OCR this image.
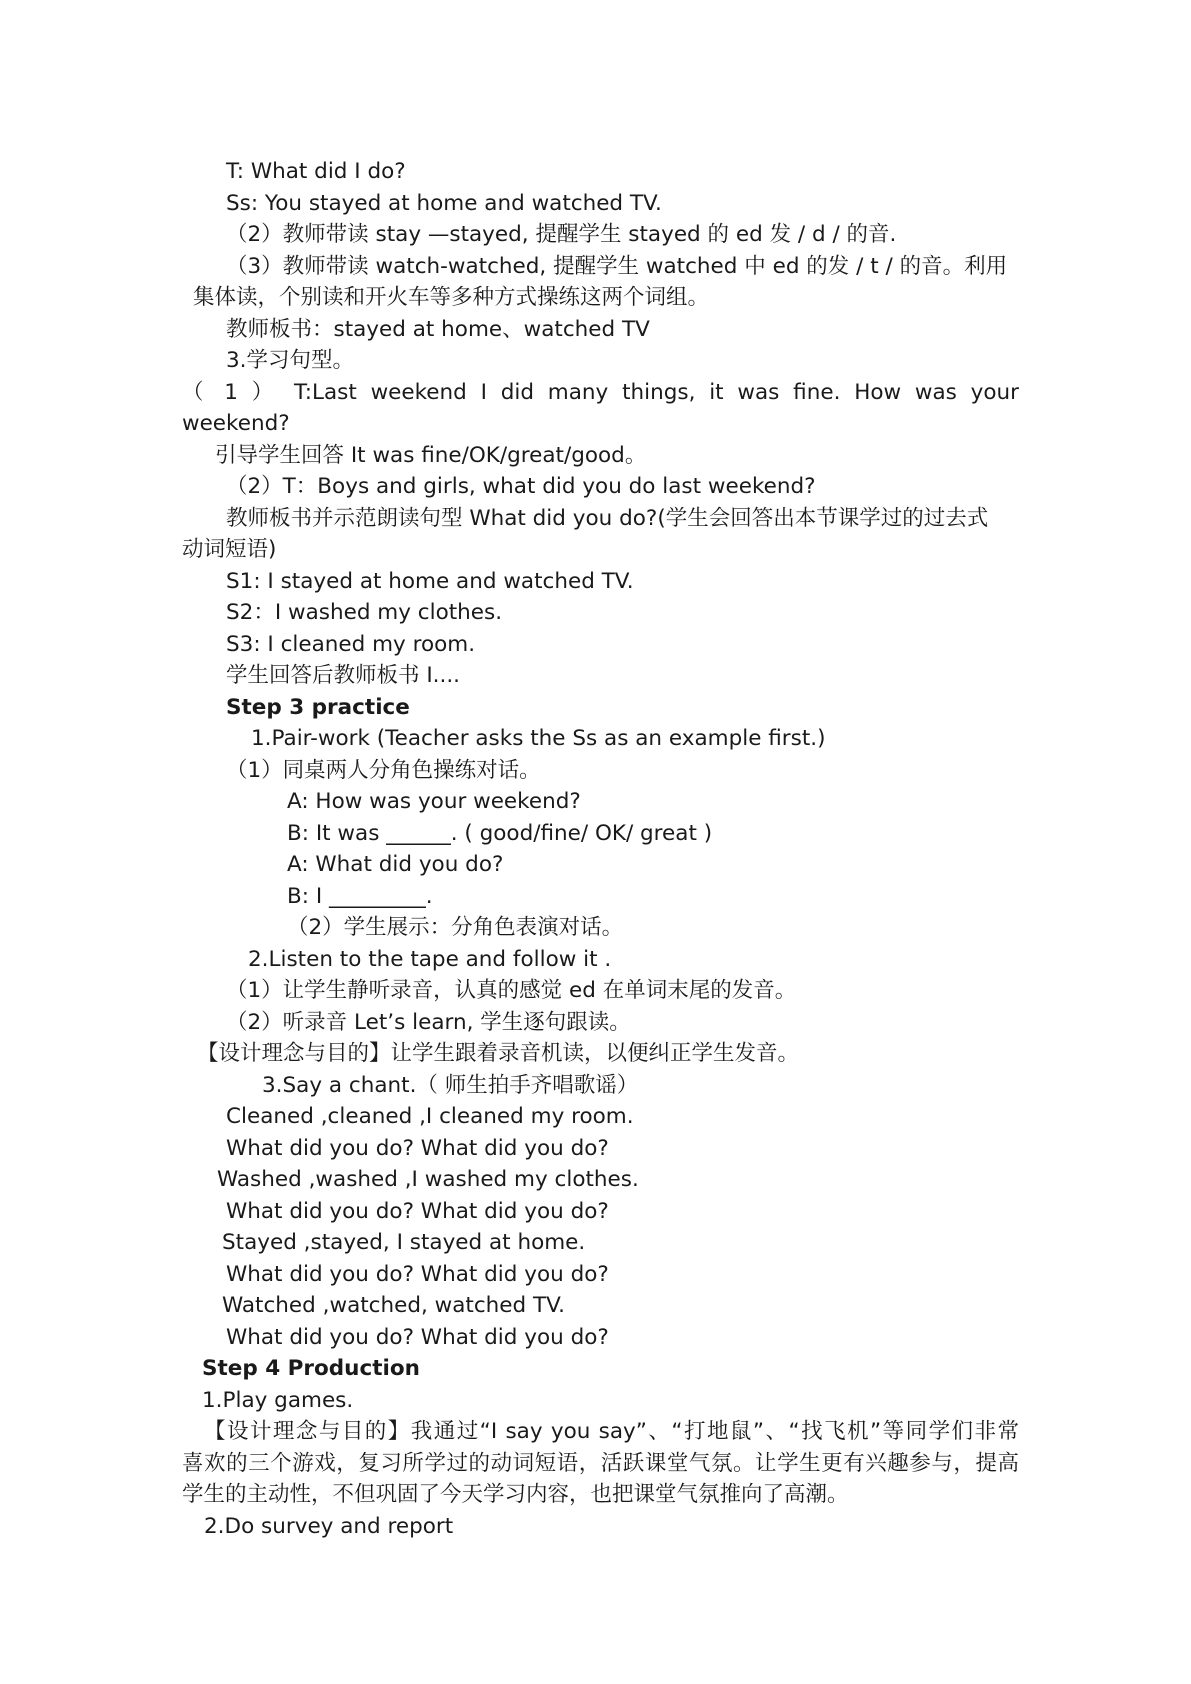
T: What did I do?
Ss: You stayed at home and watched TV.
（2）教师带读 stay —stayed, 提醒学生 stayed 的 ed 发 / d / 的音.
（3）教师带读 watch-watched, 提醒学生 watched 中 ed 的发 / t / 的音。利用
集体读，个别读和开火车等多种方式操练这两个词组。
教师板书：stayed at home、watched TV
3.学习句型。
（ 1 ） T:Last weekend I did many things, it was fine. How was your
weekend?
引导学生回答 It was fine/OK/great/good。
（2）T：Boys and girls, what did you do last weekend?
教师板书并示范朗读句型 What did you do?(学生会回答出本节课学过的过去式
动词短语)
S1: I stayed at home and watched TV.
S2：I washed my clothes.
S3: I cleaned my room.
学生回答后教师板书 I....
Step 3 practice
1.Pair-work (Teacher asks the Ss as an example first.)
（1）同桌两人分角色操练对话。
A: How was your weekend?
B: It was ______. ( good/fine/ OK/ great )
A: What did you do?
B: I _________.
（2）学生展示：分角色表演对话。
2.Listen to the tape and follow it .
（1）让学生静听录音，认真的感觉 ed 在单词末尾的发音。
（2）听录音 Let’s learn, 学生逐句跟读。
【设计理念与目的】让学生跟着录音机读，以便纠正学生发音。
3.Say a chant.（ 师生拍手齐唱歌谣）
Cleaned ,cleaned ,I cleaned my room.
What did you do? What did you do?
Washed ,washed ,I washed my clothes.
What did you do? What did you do?
Stayed ,stayed, I stayed at home.
What did you do? What did you do?
Watched ,watched, watched TV.
What did you do? What did you do?
Step 4 Production
1.Play games.
【设计理念与目的】我通过“I say you say”、“打地鼠”、“找飞机”等同学们非常
喜欢的三个游戏，复习所学过的动词短语，活跃课堂气氛。让学生更有兴趣参与，提高
学生的主动性，不但巩固了今天学习内容，也把课堂气氛推向了高潮。
2.Do survey and report
